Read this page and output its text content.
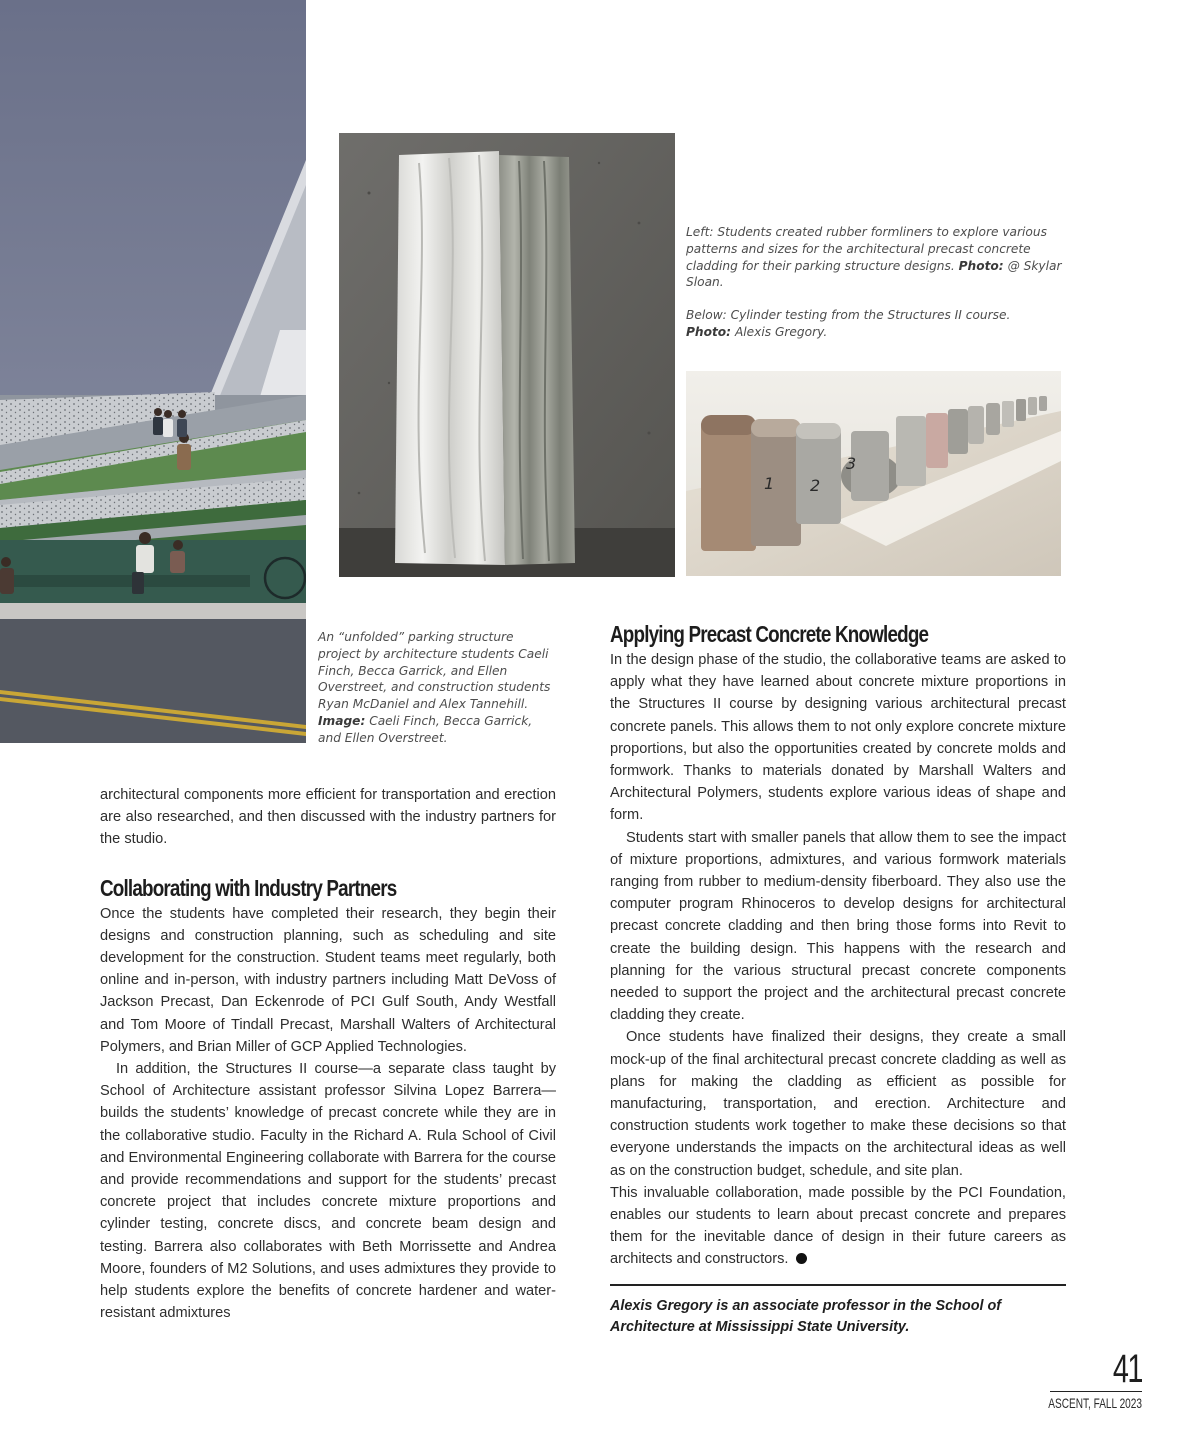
1 2
3

Left: Students created rubber formliners to explore various patterns and sizes for the architectural precast concrete cladding for their parking structure designs. Photo: @ Skylar Sloan.

Below: Cylinder testing from the Structures II course.
Photo: Alexis Gregory.

An “unfolded” parking structure project by architecture students Caeli Finch, Becca Garrick, and Ellen Overstreet, and construction students Ryan McDaniel and Alex Tannehill. Image: Caeli Finch, Becca Garrick, and Ellen Overstreet.

architectural components more efficient for transportation and erection are also researched, and then discussed with the industry partners for the studio.

Collaborating with Industry Partners

Once the students have completed their research, they begin their designs and construction planning, such as scheduling and site development for the construction. Student teams meet regularly, both online and in-person, with industry partners including Matt DeVoss of Jackson Precast, Dan Eckenrode of PCI Gulf South, Andy Westfall and Tom Moore of Tindall Precast, Marshall Walters of Architectural Polymers, and Brian Miller of GCP Applied Technologies.

In addition, the Structures II course—a separate class taught by School of Architecture assistant professor Silvina Lopez Barrera—builds the students’ knowledge of precast concrete while they are in the collaborative studio. Faculty in the Richard A. Rula School of Civil and Environmental Engineering collaborate with Barrera for the course and provide recommendations and support for the students’ precast concrete project that includes concrete mixture proportions and cylinder testing, concrete discs, and concrete beam design and testing. Barrera also collaborates with Beth Morrissette and Andrea Moore, founders of M2 Solutions, and uses admixtures they provide to help students explore the benefits of concrete hardener and water-resistant admixtures

Applying Precast Concrete Knowledge

In the design phase of the studio, the collaborative teams are asked to apply what they have learned about concrete mixture proportions in the Structures II course by designing various architectural precast concrete panels. This allows them to not only explore concrete mixture proportions, but also the opportunities created by concrete molds and formwork. Thanks to materials donated by Marshall Walters and Architectural Polymers, students explore various ideas of shape and form.

Students start with smaller panels that allow them to see the impact of mixture proportions, admixtures, and various formwork materials ranging from rubber to medium-density fiberboard. They also use the computer program Rhinoceros to develop designs for architectural precast concrete cladding and then bring those forms into Revit to create the building design. This happens with the research and planning for the various structural precast concrete components needed to support the project and the architectural precast concrete cladding they create.

Once students have finalized their designs, they create a small mock-up of the final architectural precast concrete cladding as well as plans for making the cladding as efficient as possible for manufacturing, transportation, and erection. Architecture and construction students work together to make these decisions so that everyone understands the impacts on the architectural ideas as well as on the construction budget, schedule, and site plan.

This invaluable collaboration, made possible by the PCI Foundation, enables our students to learn about precast concrete and prepares them for the inevitable dance of design in their future careers as architects and constructors.

Alexis Gregory is an associate professor in the School of Architecture at Mississippi State University.
41
ASCENT, FALL 2023
